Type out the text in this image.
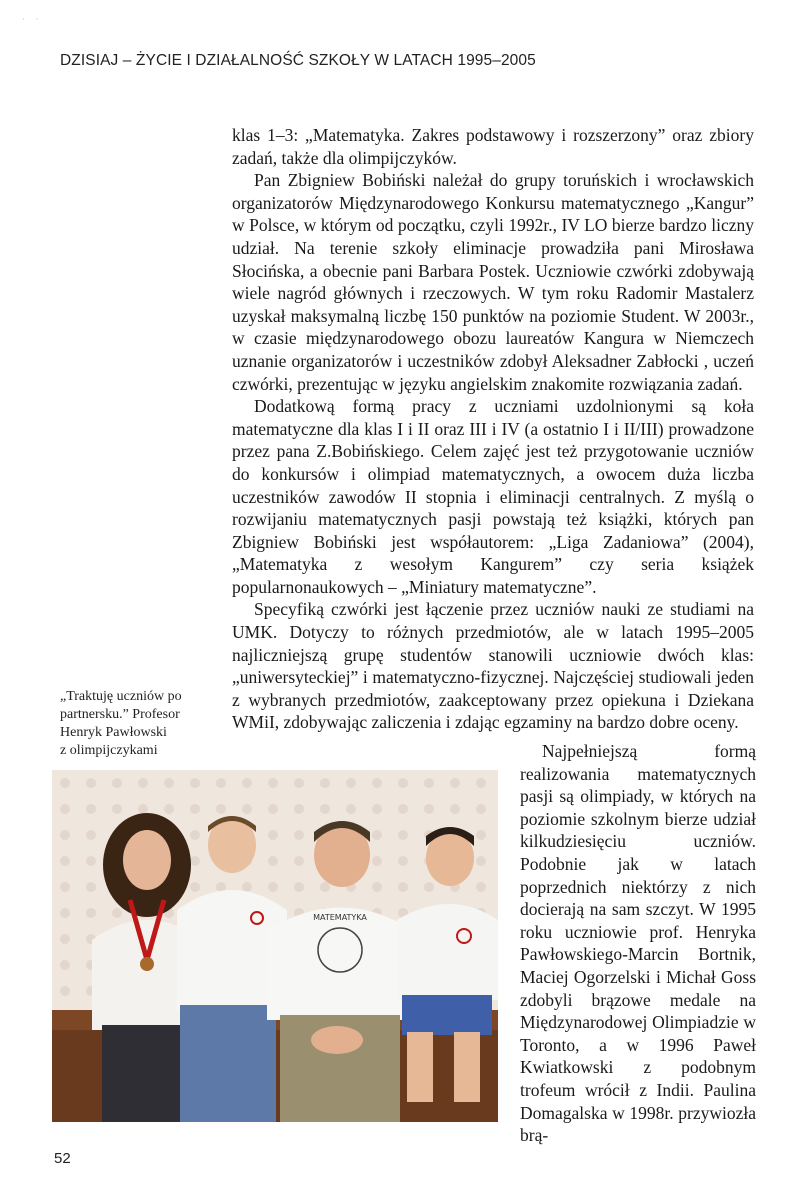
· ·
DZISIAJ – ŻYCIE I DZIAŁALNOŚĆ SZKOŁY W LATACH 1995–2005

klas 1–3: „Matematyka. Zakres podstawowy i rozszerzony” oraz zbiory zadań, także dla olimpijczyków.

Pan Zbigniew Bobiński należał do grupy toruńskich i wrocławskich organizatorów Międzynarodowego Konkursu matematycznego „Kangur” w Polsce, w którym od początku, czyli 1992r., IV LO bierze bardzo liczny udział. Na terenie szkoły eliminacje prowadziła pani Mirosława Słocińska, a obecnie pani Barbara Postek. Uczniowie czwórki zdobywają wiele nagród głównych i rzeczowych. W tym roku Radomir Mastalerz uzyskał maksymalną liczbę 150 punktów na poziomie Student. W 2003r., w czasie międzynarodowego obozu laureatów Kangura w Niemczech uznanie organizatorów i uczestników zdobył Aleksadner Zabłocki , uczeń czwórki, prezentując w języku angielskim znakomite rozwiązania zadań.

Dodatkową formą pracy z uczniami uzdolnionymi są koła matematyczne dla klas I i II oraz III i IV (a ostatnio I i II/III) prowadzone przez pana Z.Bobińskiego. Celem zajęć jest też przygotowanie uczniów do konkursów i olimpiad matematycznych, a owocem duża liczba uczestników zawodów II stopnia i eliminacji centralnych. Z myślą o rozwijaniu matematycznych pasji powstają też książki, których pan Zbigniew Bobiński jest współautorem: „Liga Zadaniowa” (2004), „Matematyka z wesołym Kangurem” czy seria książek popularnonaukowych – „Miniatury matematyczne”.

Specyfiką czwórki jest łączenie przez uczniów nauki ze studiami na UMK. Dotyczy to różnych przedmiotów, ale w latach 1995–2005 najliczniejszą grupę studentów stanowili uczniowie dwóch klas: „uniwersyteckiej” i matematyczno-fizycznej. Najczęściej studiowali jeden z wybranych przedmiotów, zaakceptowany przez opiekuna i Dziekana WMiI, zdobywając zaliczenia i zdając egzaminy na bardzo dobre oceny.

„Traktuję uczniów po
partnersku.” Profesor
Henryk Pawłowski
z olimpijczykami
MATEMATYKA

Najpełniejszą formą realizowania matematycznych pasji są olimpiady, w których na poziomie szkolnym bierze udział kilkudziesięciu uczniów. Podobnie jak w latach poprzednich niektórzy z nich docierają na sam szczyt. W 1995 roku uczniowie prof. Henryka Pawłowskiego-Marcin Bortnik, Maciej Ogorzelski i Michał Goss zdobyli brązowe medale na Międzynarodowej Olimpiadzie w Toronto, a w 1996 Paweł Kwiatkowski z podobnym trofeum wrócił z Indii. Paulina Domagalska w 1998r. przywiozła brą-

52
